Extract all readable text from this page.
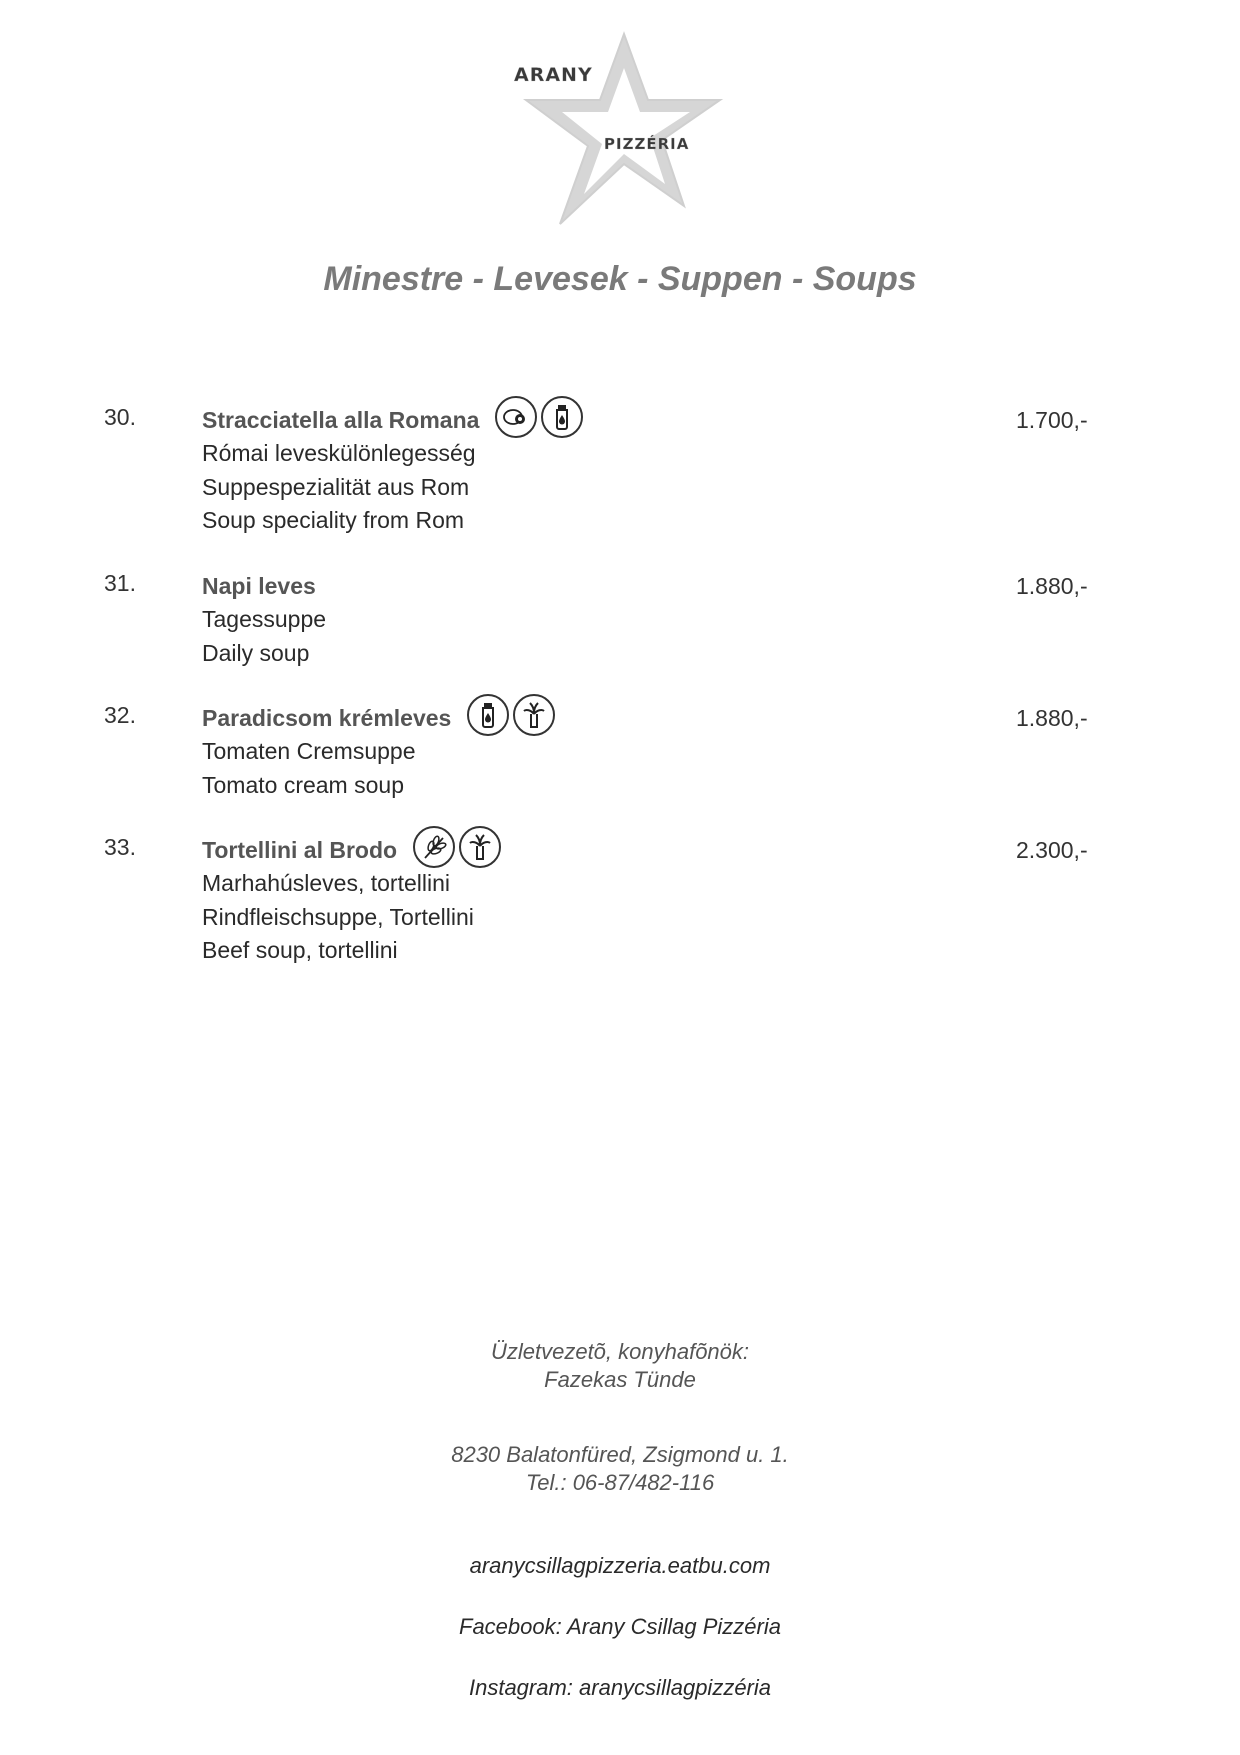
ARANY
PIZZÉRIA
Minestre - Levesek - Suppen - Soups
30.	Stracciatella alla Romana
Római leveskülönlegesség
Suppespezialität aus Rom
Soup speciality from Rom
1.700,-
31.	Napi leves
Tagessuppe
Daily soup
1.880,-
32.	Paradicsom krémleves
Tomaten Cremsuppe
Tomato cream soup
1.880,-
33.	Tortellini al Brodo
Marhahúsleves, tortellini
Rindfleischsuppe, Tortellini
Beef soup, tortellini
2.300,-
Üzletvezetõ, konyhafõnök:
Fazekas Tünde
8230 Balatonfüred, Zsigmond u. 1.
Tel.: 06-87/482-116
aranycsillagpizzeria.eatbu.com
Facebook: Arany Csillag Pizzéria
Instagram: aranycsillagpizzéria
